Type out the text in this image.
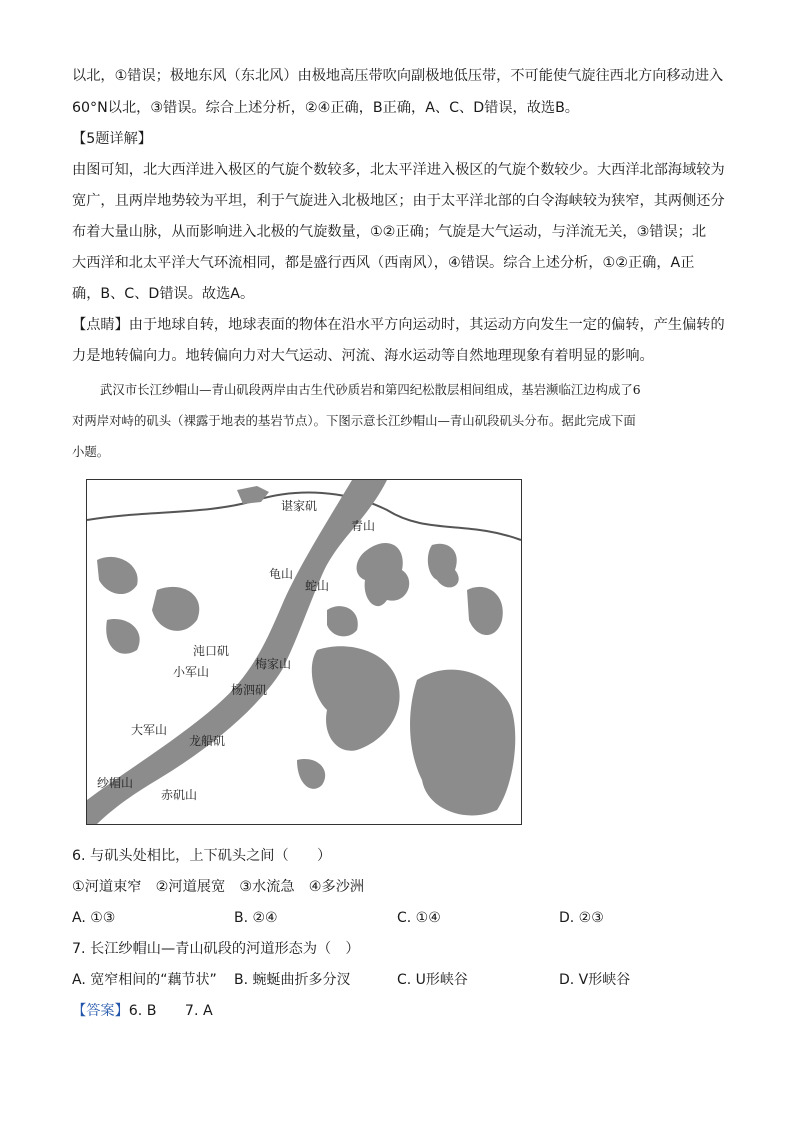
以北，①错误；极地东风（东北风）由极地高压带吹向副极地低压带，不可能使气旋往西北方向移动进入
60°N以北，③错误。综合上述分析，②④正确，B正确，A、C、D错误，故选B。
【5题详解】
由图可知，北大西洋进入极区的气旋个数较多，北太平洋进入极区的气旋个数较少。大西洋北部海域较为
宽广，且两岸地势较为平坦，利于气旋进入北极地区；由于太平洋北部的白令海峡较为狭窄，其两侧还分
布着大量山脉，从而影响进入北极的气旋数量，①②正确；气旋是大气运动，与洋流无关，③错误；北
大西洋和北太平洋大气环流相同，都是盛行西风（西南风），④错误。综合上述分析，①②正确，A正
确，B、C、D错误。故选A。
【点睛】由于地球自转，地球表面的物体在沿水平方向运动时，其运动方向发生一定的偏转，产生偏转的
力是地转偏向力。地转偏向力对大气运动、河流、海水运动等自然地理现象有着明显的影响。
武汉市长江纱帽山—青山矶段两岸由古生代砂质岩和第四纪松散层相间组成，基岩濒临江边构成了6
对两岸对峙的矶头（裸露于地表的基岩节点）。下图示意长江纱帽山—青山矶段矶头分布。据此完成下面
小题。
谌家矶
青山
龟山
蛇山
沌口矶
梅家山
小军山
杨泗矶
大军山
龙船矶
纱帽山
赤矶山
6. 与矶头处相比，上下矶头之间（　　）
①河道束窄　②河道展宽　③水流急　④多沙洲
A. ①③	B. ②④	C. ①④	D. ②③
7. 长江纱帽山—青山矶段的河道形态为（　）
A. 宽窄相间的“藕节状” B. 蜿蜒曲折多分汊	C. U形峡谷	D. V形峡谷
【答案】6. B　　7. A
